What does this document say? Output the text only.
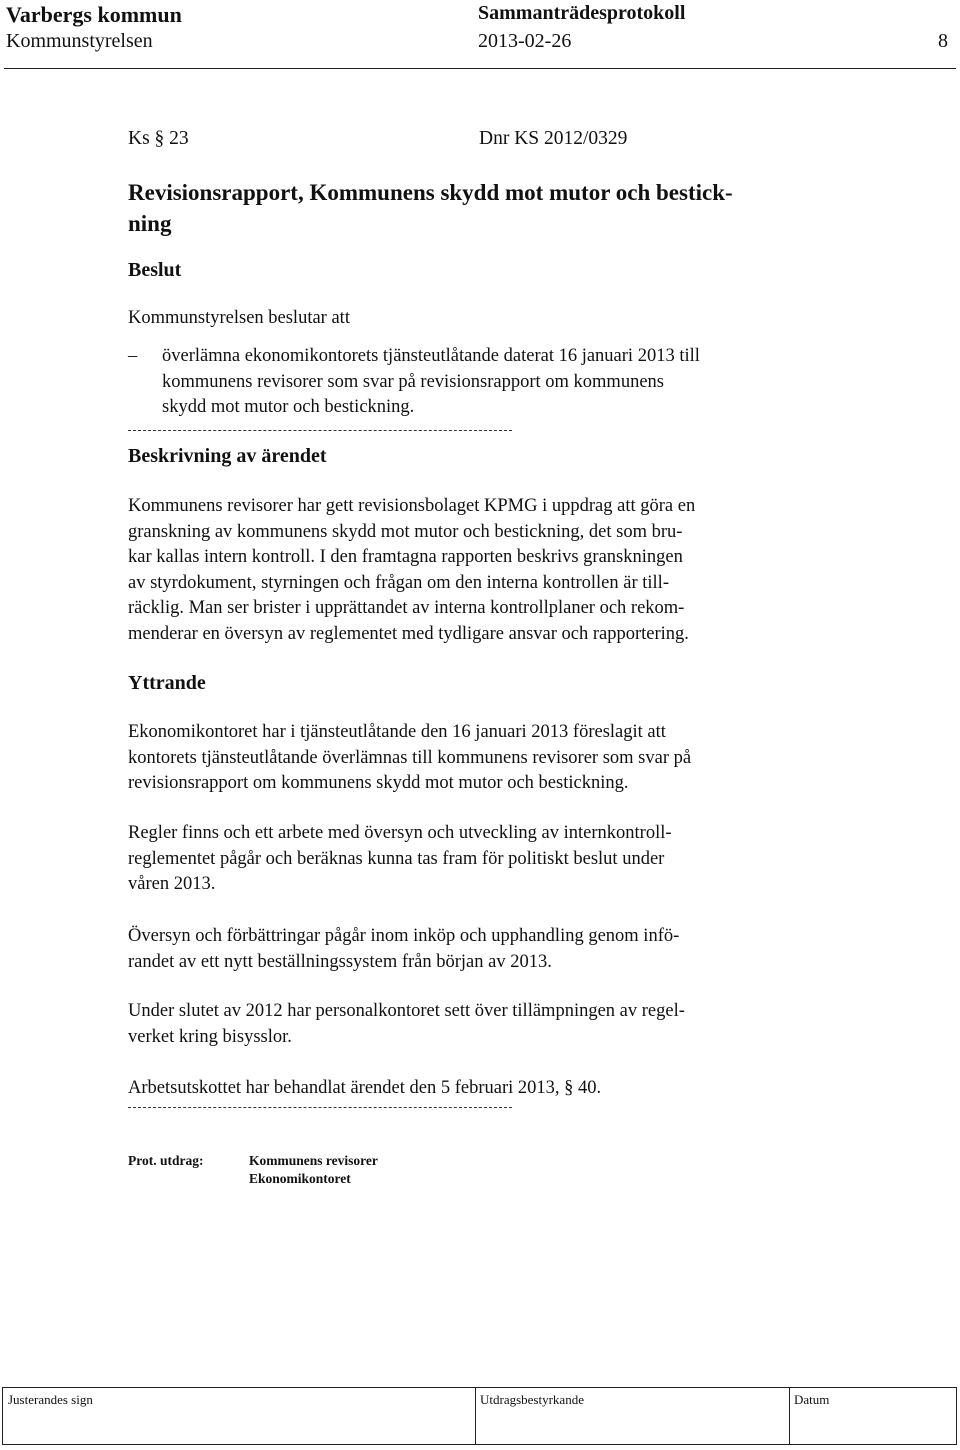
Varbergs kommun	Sammanträdesprotokoll
Kommunstyrelsen	2013-02-26	8
Ks § 23	Dnr KS 2012/0329
Revisionsrapport, Kommunens skydd mot mutor och bestick-
ning
Beslut
Kommunstyrelsen beslutar att
– överlämna ekonomikontorets tjänsteutlåtande daterat 16 januari 2013 till
kommunens revisorer som svar på revisionsrapport om kommunens
skydd mot mutor och bestickning.
Beskrivning av ärendet
Kommunens revisorer har gett revisionsbolaget KPMG i uppdrag att göra en
granskning av kommunens skydd mot mutor och bestickning, det som bru-
kar kallas intern kontroll. I den framtagna rapporten beskrivs granskningen
av styrdokument, styrningen och frågan om den interna kontrollen är till-
räcklig. Man ser brister i upprättandet av interna kontrollplaner och rekom-
menderar en översyn av reglementet med tydligare ansvar och rapportering.
Yttrande
Ekonomikontoret har i tjänsteutlåtande den 16 januari 2013 föreslagit att
kontorets tjänsteutlåtande överlämnas till kommunens revisorer som svar på
revisionsrapport om kommunens skydd mot mutor och bestickning.
Regler finns och ett arbete med översyn och utveckling av internkontroll-
reglementet pågår och beräknas kunna tas fram för politiskt beslut under
våren 2013.
Översyn och förbättringar pågår inom inköp och upphandling genom infö-
randet av ett nytt beställningssystem från början av 2013.
Under slutet av 2012 har personalkontoret sett över tillämpningen av regel-
verket kring bisysslor.
Arbetsutskottet har behandlat ärendet den 5 februari 2013, § 40.
Prot. utdrag:	Kommunens revisorer
Ekonomikontoret
Justerandes sign	Utdragsbestyrkande	Datum
